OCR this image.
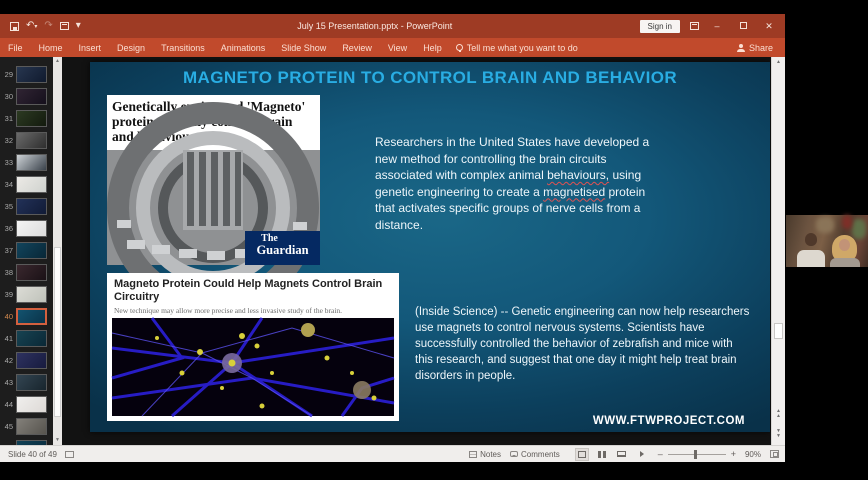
↶▾ ↷ ▾	July 15 Presentation.pptx - PowerPoint	Sign in	–	✕
File	Home	Insert	Design	Transitions	Animations	Slide Show	Review	View	Help	Tell me what you want to do	Share
29
30
31
32
33
34
35
36
37
38
39
40
41
42
43
44
45
▲
▼
MAGNETO PROTEIN TO CONTROL BRAIN AND BEHAVIOR
Genetically engineered 'Magneto' protein remotely controls brain and behaviour
The
Guardian
Researchers in the United States have developed a new method for controlling the brain circuits associated with complex animal behaviours, using genetic engineering to create a magnetised protein that activates specific groups of nerve cells from a distance.
Magneto Protein Could Help Magnets Control Brain Circuitry
New technique may allow more precise and less invasive study of the brain.	(Inside Science) -- Genetic engineering can now help researchers use magnets to control nervous systems. Scientists have successfully controlled the behavior of zebrafish and mice with this research, and suggest that one day it might help treat brain disorders in people.
WWW.FTWPROJECT.COM
▲
▲
▲
▼
▼
Slide 40 of 49	Notes	Comments	–	+ 90%
